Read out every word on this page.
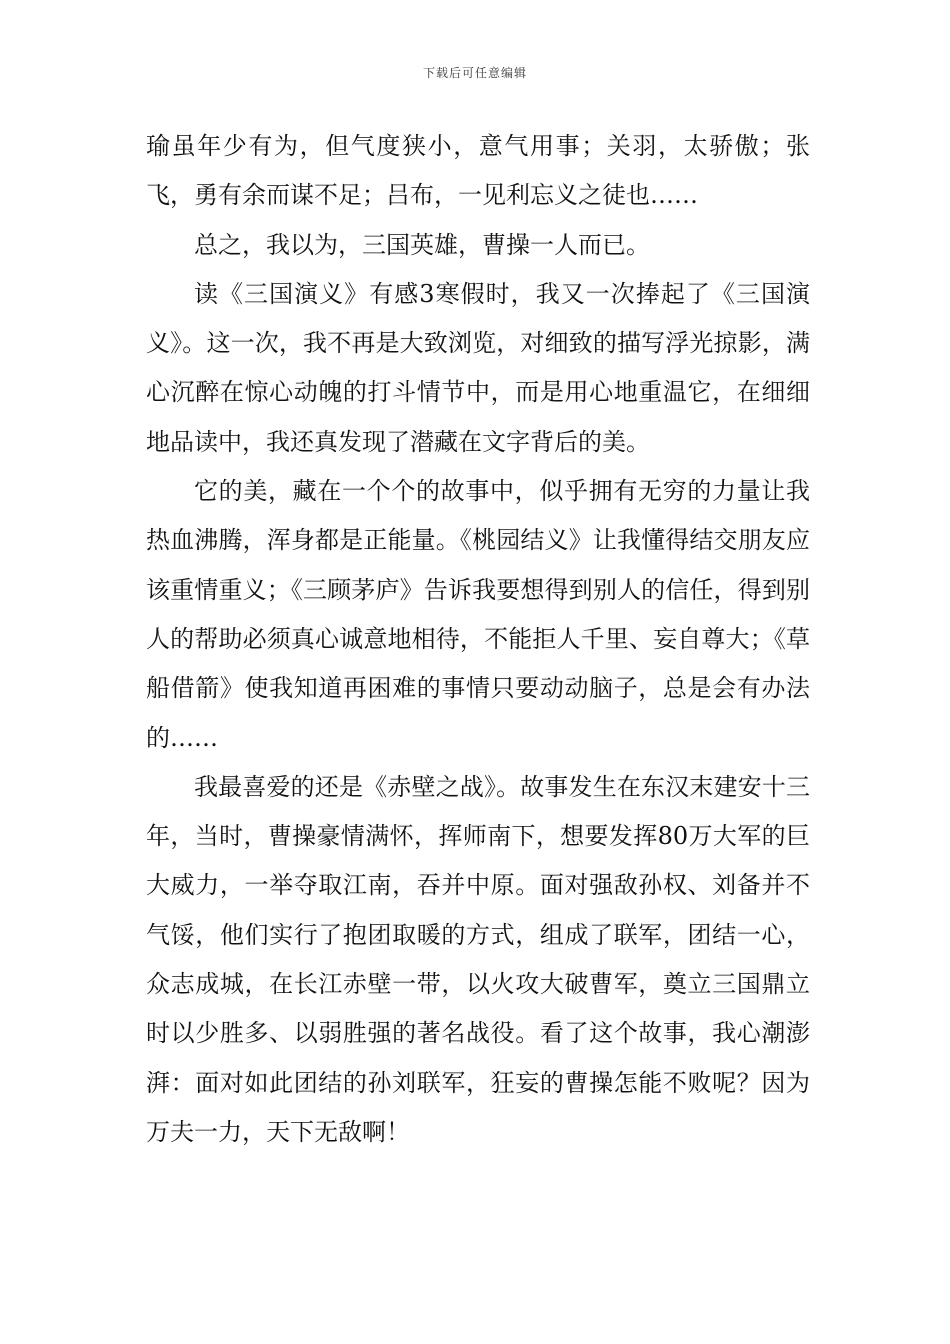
下载后可任意编辑

瑜虽年少有为，但气度狭小，意气用事；关羽，太骄傲；张飞，勇有余而谋不足；吕布，一见利忘义之徒也……

总之，我以为，三国英雄，曹操一人而已。

读《三国演义》有感3寒假时，我又一次捧起了《三国演义》。这一次，我不再是大致浏览，对细致的描写浮光掠影，满心沉醉在惊心动魄的打斗情节中，而是用心地重温它，在细细地品读中，我还真发现了潜藏在文字背后的美。

它的美，藏在一个个的故事中，似乎拥有无穷的力量让我热血沸腾，浑身都是正能量。《桃园结义》让我懂得结交朋友应该重情重义；《三顾茅庐》告诉我要想得到别人的信任，得到别人的帮助必须真心诚意地相待，不能拒人千里、妄自尊大；《草船借箭》使我知道再困难的事情只要动动脑子，总是会有办法的……

我最喜爱的还是《赤壁之战》。故事发生在东汉末建安十三年，当时，曹操豪情满怀，挥师南下，想要发挥80万大军的巨大威力，一举夺取江南，吞并中原。面对强敌孙权、刘备并不气馁，他们实行了抱团取暖的方式，组成了联军，团结一心，众志成城，在长江赤壁一带，以火攻大破曹军，奠立三国鼎立时以少胜多、以弱胜强的著名战役。看了这个故事，我心潮澎湃：面对如此团结的孙刘联军，狂妄的曹操怎能不败呢？因为万夫一力，天下无敌啊！
